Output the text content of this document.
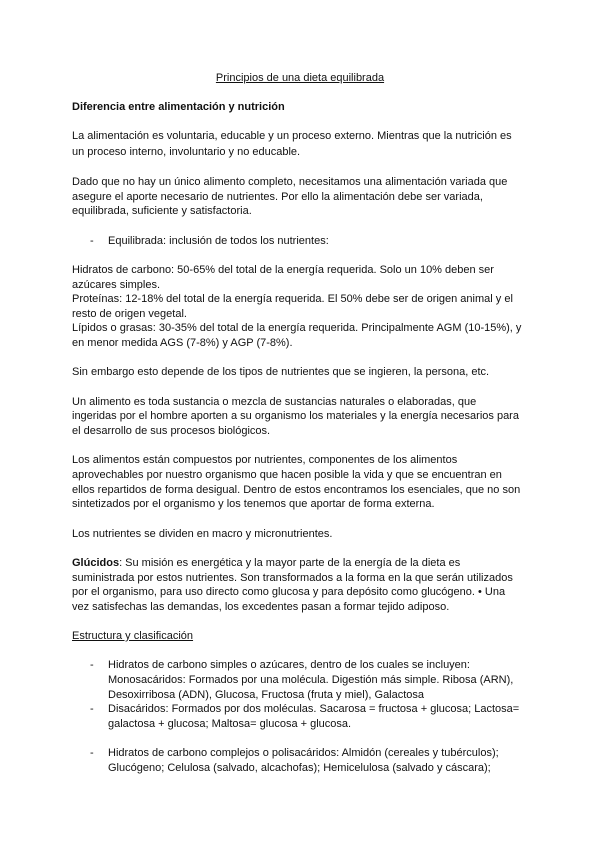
Principios de una dieta equilibrada
Diferencia entre alimentación y nutrición
La alimentación es voluntaria, educable y un proceso externo. Mientras que la nutrición es
un proceso interno, involuntario y no educable.
Dado que no hay un único alimento completo, necesitamos una alimentación variada que
asegure el aporte necesario de nutrientes. Por ello la alimentación debe ser variada,
equilibrada, suficiente y satisfactoria.
- Equilibrada: inclusión de todos los nutrientes:
Hidratos de carbono: 50-65% del total de la energía requerida. Solo un 10% deben ser
azúcares simples.
Proteínas: 12-18% del total de la energía requerida. El 50% debe ser de origen animal y el
resto de origen vegetal.
Lípidos o grasas: 30-35% del total de la energía requerida. Principalmente AGM (10-15%), y
en menor medida AGS (7-8%) y AGP (7-8%).
Sin embargo esto depende de los tipos de nutrientes que se ingieren, la persona, etc.
Un alimento es toda sustancia o mezcla de sustancias naturales o elaboradas, que
ingeridas por el hombre aporten a su organismo los materiales y la energía necesarios para
el desarrollo de sus procesos biológicos.
Los alimentos están compuestos por nutrientes, componentes de los alimentos
aprovechables por nuestro organismo que hacen posible la vida y que se encuentran en
ellos repartidos de forma desigual. Dentro de estos encontramos los esenciales, que no son
sintetizados por el organismo y los tenemos que aportar de forma externa.
Los nutrientes se dividen en macro y micronutrientes.
Glúcidos: Su misión es energética y la mayor parte de la energía de la dieta es
suministrada por estos nutrientes. Son transformados a la forma en la que serán utilizados
por el organismo, para uso directo como glucosa y para depósito como glucógeno. • Una
vez satisfechas las demandas, los excedentes pasan a formar tejido adiposo.
Estructura y clasificación
- Hidratos de carbono simples o azúcares, dentro de los cuales se incluyen:
Monosacáridos: Formados por una molécula. Digestión más simple. Ribosa (ARN),
Desoxirribosa (ADN), Glucosa, Fructosa (fruta y miel), Galactosa
- Disacáridos: Formados por dos moléculas. Sacarosa = fructosa + glucosa; Lactosa=
galactosa + glucosa; Maltosa= glucosa + glucosa.
- Hidratos de carbono complejos o polisacáridos: Almidón (cereales y tubérculos);
Glucógeno; Celulosa (salvado, alcachofas); Hemicelulosa (salvado y cáscara);
